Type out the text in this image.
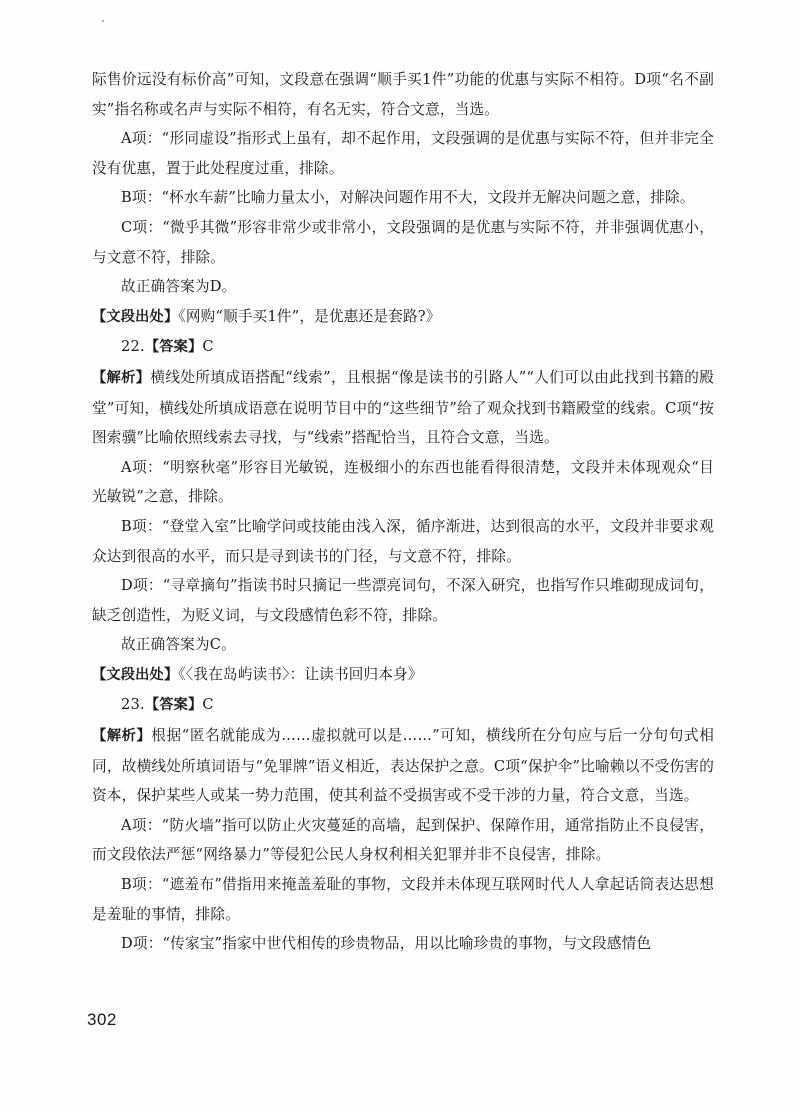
际售价远没有标价高”可知，文段意在强调“顺手买1件”功能的优惠与实际不相符。D项“名不副实”指名称或名声与实际不相符，有名无实，符合文意，当选。

A项：“形同虚设”指形式上虽有，却不起作用，文段强调的是优惠与实际不符，但并非完全没有优惠，置于此处程度过重，排除。

B项：“杯水车薪”比喻力量太小，对解决问题作用不大，文段并无解决问题之意，排除。

C项：“微乎其微”形容非常少或非常小，文段强调的是优惠与实际不符，并非强调优惠小，与文意不符，排除。

故正确答案为D。

【文段出处】《网购“顺手买1件”，是优惠还是套路?》

22.【答案】C

【解析】横线处所填成语搭配“线索”，且根据“像是读书的引路人”“人们可以由此找到书籍的殿堂”可知，横线处所填成语意在说明节目中的“这些细节”给了观众找到书籍殿堂的线索。C项“按图索骥”比喻依照线索去寻找，与“线索”搭配恰当，且符合文意，当选。

A项：“明察秋毫”形容目光敏锐，连极细小的东西也能看得很清楚，文段并未体现观众“目光敏锐”之意，排除。

B项：“登堂入室”比喻学问或技能由浅入深，循序渐进，达到很高的水平，文段并非要求观众达到很高的水平，而只是寻到读书的门径，与文意不符，排除。

D项：“寻章摘句”指读书时只摘记一些漂亮词句，不深入研究，也指写作只堆砌现成词句，缺乏创造性，为贬义词，与文段感情色彩不符，排除。

故正确答案为C。

【文段出处】《〈我在岛屿读书〉：让读书回归本身》

23.【答案】C

【解析】根据“匿名就能成为……虚拟就可以是……”可知，横线所在分句应与后一分句句式相同，故横线处所填词语与“免罪牌”语义相近，表达保护之意。C项“保护伞”比喻赖以不受伤害的资本，保护某些人或某一势力范围，使其利益不受损害或不受干涉的力量，符合文意，当选。

A项：“防火墙”指可以防止火灾蔓延的高墙，起到保护、保障作用，通常指防止不良侵害，而文段依法严惩“网络暴力”等侵犯公民人身权利相关犯罪并非不良侵害，排除。

B项：“遮羞布”借指用来掩盖羞耻的事物，文段并未体现互联网时代人人拿起话筒表达思想是羞耻的事情，排除。

D项：“传家宝”指家中世代相传的珍贵物品，用以比喻珍贵的事物，与文段感情色

302
